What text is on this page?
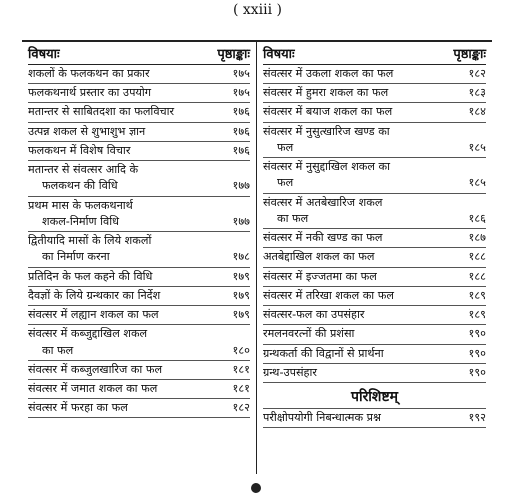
( xxiii )
विषयाः	पृष्ठाङ्काः
शकलों के फलकथन का प्रकार	१७५
फलकथनार्थ प्रस्तार का उपयोग	१७५
मतान्तर से साबितदशा का फलविचार	१७६
उत्पन्न शकल से शुभाशुभ ज्ञान	१७६
फलकथन में विशेष विचार	१७६
मतान्तर से संवत्सर आदि के
फलकथन की विधि	१७७
प्रथम मास के फलकथनार्थ
शकल-निर्माण विधि	१७७
द्वितीयादि मासों के लिये शकलों
का निर्माण करना	१७८
प्रतिदिन के फल कहने की विधि	१७९
दैवज्ञों के लिये ग्रन्थकार का निर्देश	१७९
संवत्सर में लह्यान शकल का फल	१७९
संवत्सर में कब्जुद्दाखिल शकल
का फल	१८०
संवत्सर में कब्जुलखारिज का फल	१८१
संवत्सर में जमात शकल का फल	१८१
संवत्सर में फरहा का फल	१८२
विषयाः	पृष्ठाङ्काः
संवत्सर में उकला शकल का फल	१८२
संवत्सर में हुमरा शकल का फल	१८३
संवत्सर में बयाज शकल का फल	१८४
संवत्सर में नुसुत्खारिज खण्ड का
फल	१८५
संवत्सर में नुसुद्दाखिल शकल का
फल	१८५
संवत्सर में अतबेखारिज शकल
का फल	१८६
संवत्सर में नकी खण्ड का फल	१८७
अतबेद्दाखिल शकल का फल	१८८
संवत्सर में इज्जतमा का फल	१८८
संवत्सर में तरिखा शकल का फल	१८९
संवत्सर-फल का उपसंहार	१८९
रमलनवरत्नों की प्रशंसा	१९०
ग्रन्थकर्ता की विद्वानों से प्रार्थना	१९०
ग्रन्थ-उपसंहार	१९०
परिशिष्टम्
परीक्षोपयोगी निबन्धात्मक प्रश्न	१९२
